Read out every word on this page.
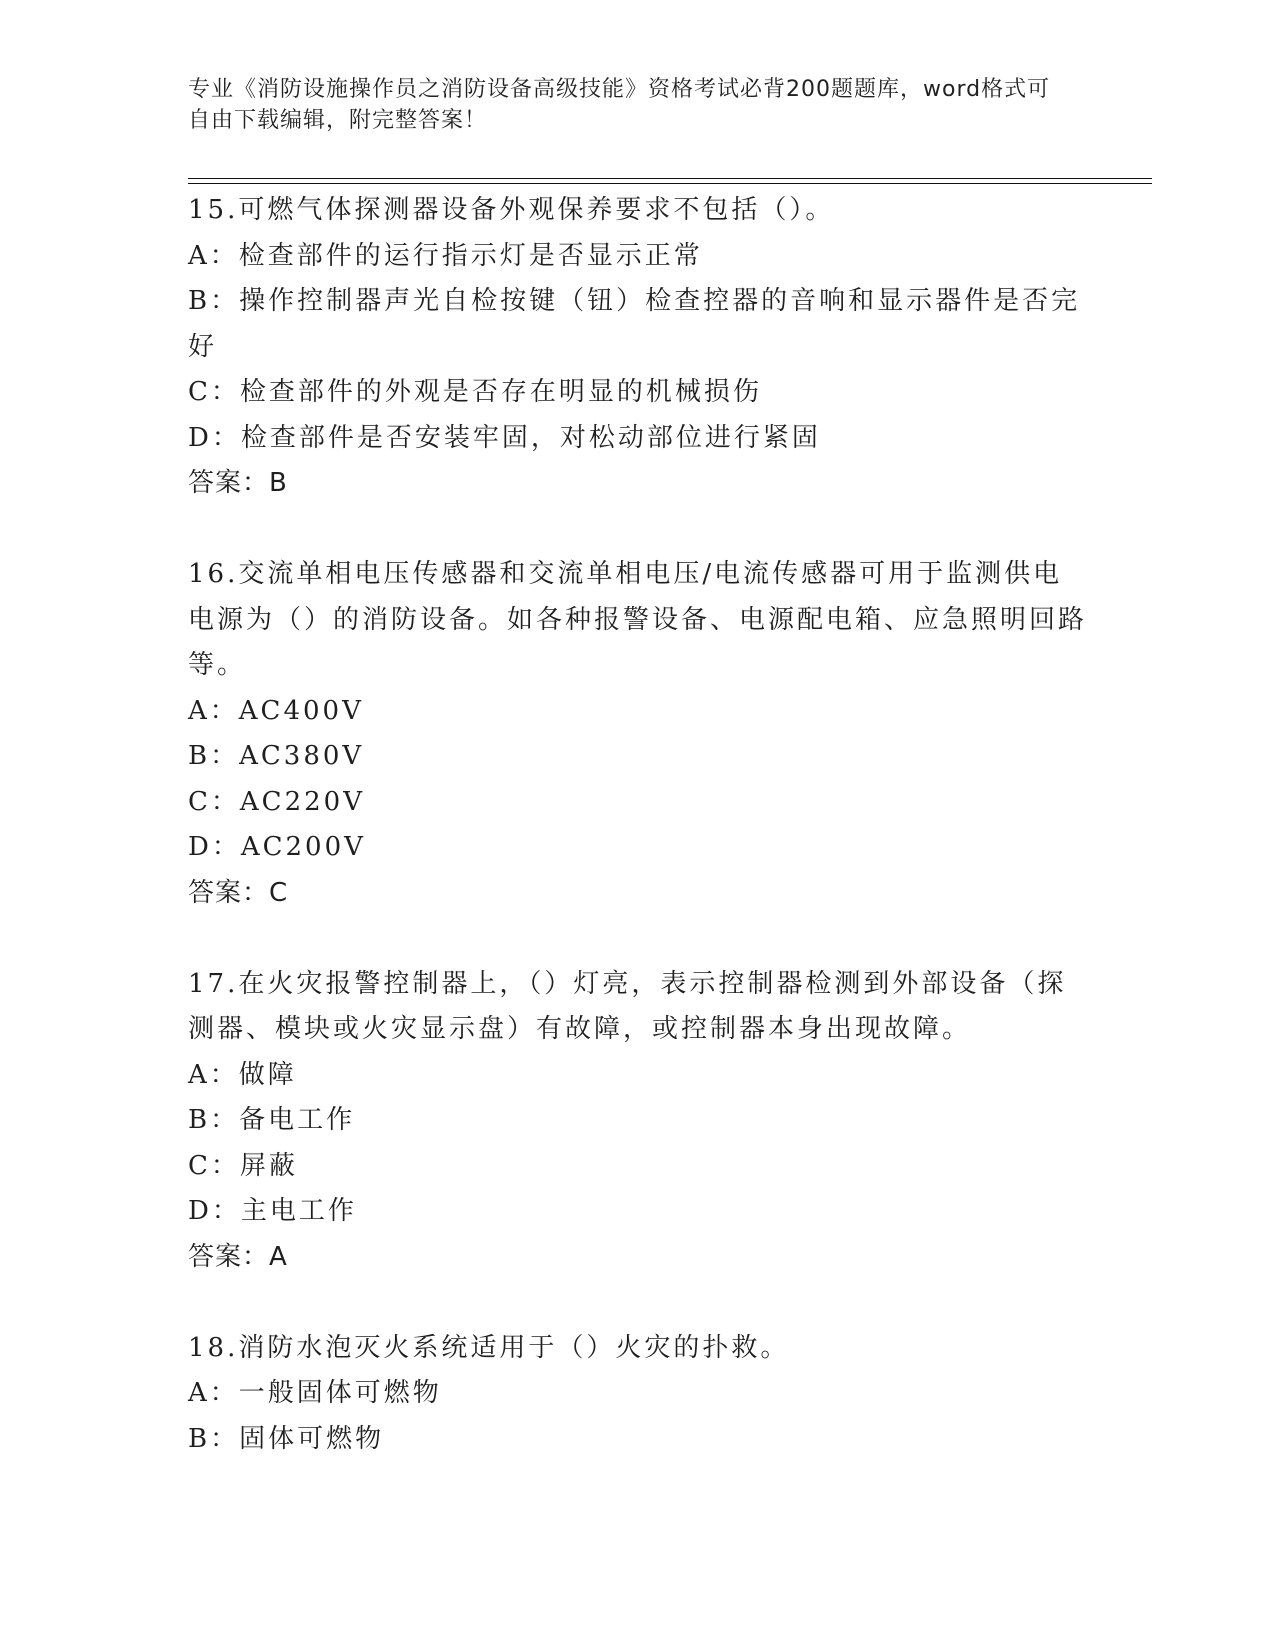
专业《消防设施操作员之消防设备高级技能》资格考试必背200题题库，word格式可自由下载编辑，附完整答案！
15.可燃气体探测器设备外观保养要求不包括（）。
A：检查部件的运行指示灯是否显示正常
B：操作控制器声光自检按键（钮）检查控器的音响和显示器件是否完好
C：检查部件的外观是否存在明显的机械损伤
D：检查部件是否安装牢固，对松动部位进行紧固
答案：B
16.交流单相电压传感器和交流单相电压/电流传感器可用于监测供电电源为（）的消防设备。如各种报警设备、电源配电箱、应急照明回路等。
A：AC400V
B：AC380V
C：AC220V
D：AC200V
答案：C
17.在火灾报警控制器上，（）灯亮，表示控制器检测到外部设备（探测器、模块或火灾显示盘）有故障，或控制器本身出现故障。
A：做障
B：备电工作
C：屏蔽
D：主电工作
答案：A
18.消防水泡灭火系统适用于（）火灾的扑救。
A：一般固体可燃物
B：固体可燃物
